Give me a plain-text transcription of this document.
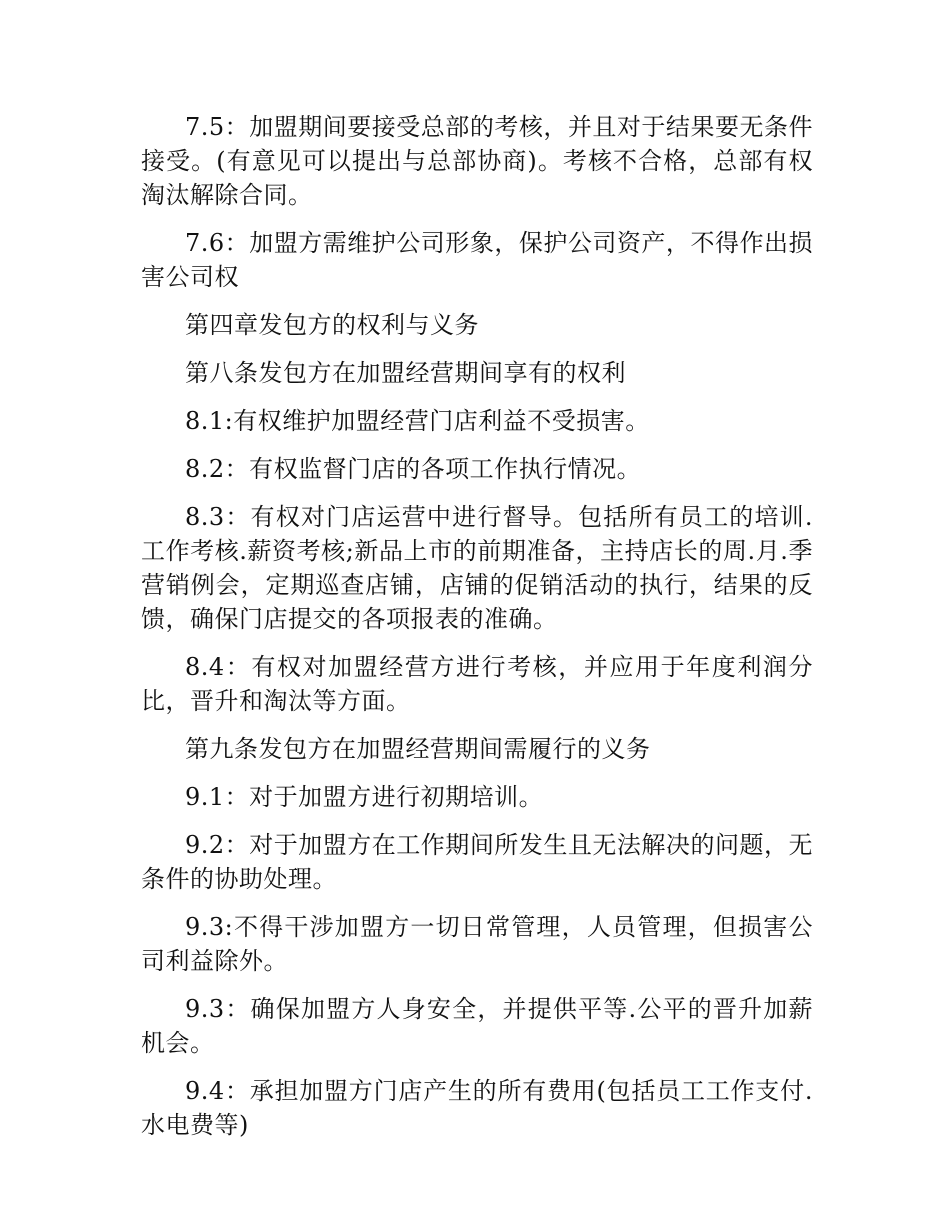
7.5：加盟期间要接受总部的考核，并且对于结果要无条件接受。(有意见可以提出与总部协商)。考核不合格，总部有权淘汰解除合同。

7.6：加盟方需维护公司形象，保护公司资产，不得作出损害公司权

第四章发包方的权利与义务

第八条发包方在加盟经营期间享有的权利

8.1:有权维护加盟经营门店利益不受损害。

8.2：有权监督门店的各项工作执行情况。

8.3：有权对门店运营中进行督导。包括所有员工的培训.工作考核.薪资考核;新品上市的前期准备，主持店长的周.月.季营销例会，定期巡查店铺，店铺的促销活动的执行，结果的反馈，确保门店提交的各项报表的准确。

8.4：有权对加盟经营方进行考核，并应用于年度利润分比，晋升和淘汰等方面。

第九条发包方在加盟经营期间需履行的义务

9.1：对于加盟方进行初期培训。

9.2：对于加盟方在工作期间所发生且无法解决的问题，无条件的协助处理。

9.3:不得干涉加盟方一切日常管理，人员管理，但损害公司利益除外。

9.3：确保加盟方人身安全，并提供平等.公平的晋升加薪机会。

9.4：承担加盟方门店产生的所有费用(包括员工工作支付.水电费等)
